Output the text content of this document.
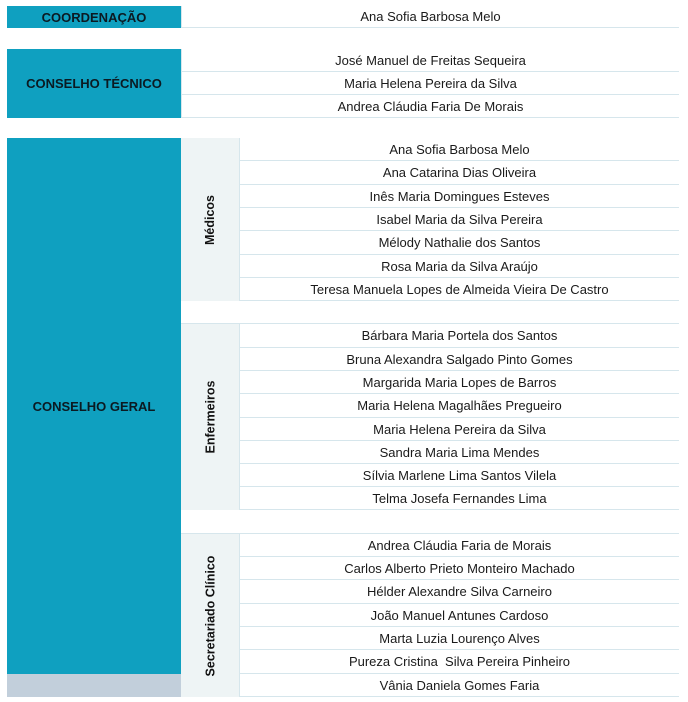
COORDENAÇÃO	Ana Sofia Barbosa Melo
CONSELHO TÉCNICO
José Manuel de Freitas Sequeira
Maria Helena Pereira da Silva
Andrea Cláudia Faria De Morais
CONSELHO GERAL
Médicos
Ana Sofia Barbosa Melo
Ana Catarina Dias Oliveira
Inês Maria Domingues Esteves
Isabel Maria da Silva Pereira
Mélody Nathalie dos Santos
Rosa Maria da Silva Araújo
Teresa Manuela Lopes de Almeida Vieira De Castro
Enfermeiros
Bárbara Maria Portela dos Santos
Bruna Alexandra Salgado Pinto Gomes
Margarida Maria Lopes de Barros
Maria Helena Magalhães Pregueiro
Maria Helena Pereira da Silva
Sandra Maria Lima Mendes
Sílvia Marlene Lima Santos Vilela
Telma Josefa Fernandes Lima
Secretariado Clínico
Andrea Cláudia Faria de Morais
Carlos Alberto Prieto Monteiro Machado
Hélder Alexandre Silva Carneiro
João Manuel Antunes Cardoso
Marta Luzia Lourenço Alves
Pureza Cristina  Silva Pereira Pinheiro
Vânia Daniela Gomes Faria
